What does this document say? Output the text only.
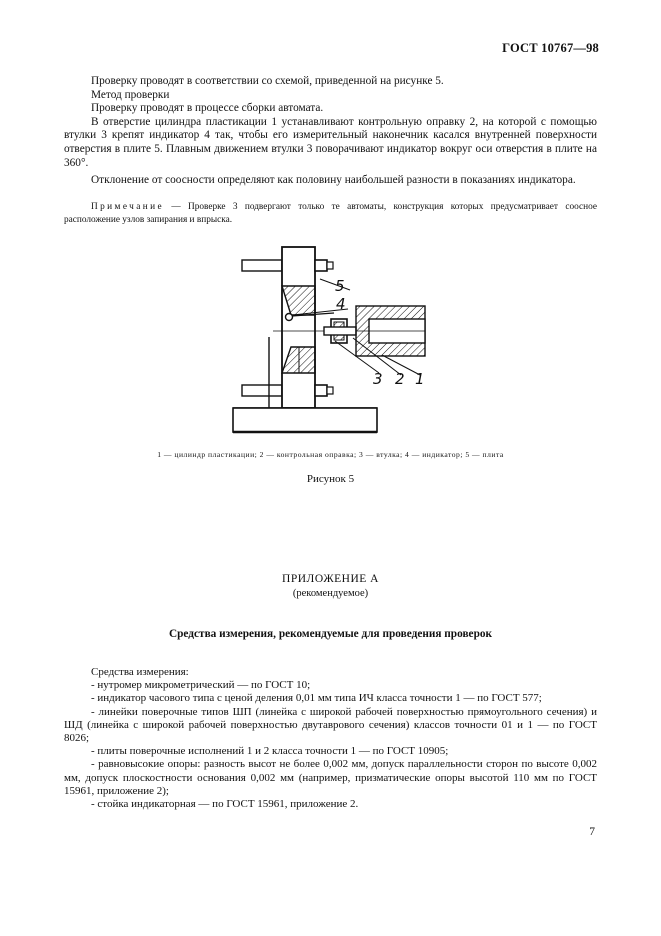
ГОСТ 10767—98

Проверку проводят в соответствии со схемой, приведенной на рисунке 5.

Метод проверки

Проверку проводят в процессе сборки автомата.

В отверстие цилиндра пластикации 1 устанавливают контрольную оправку 2, на которой с помощью втулки 3 крепят индикатор 4 так, чтобы его измерительный наконечник касался внутренней поверхности отверстия в плите 5. Плавным движением втулки 3 поворачивают индикатор вокруг оси отверстия в плите на 360°.

Отклонение от соосности определяют как половину наибольшей разности в показаниях индикатора.

Примечание — Проверке 3 подвергают только те автоматы, конструкция которых предусматривает соосное расположение узлов запирания и впрыска.
5
4
3 2 1
1 — цилиндр пластикации; 2 — контрольная оправка; 3 — втулка; 4 — индикатор; 5 — плита
Рисунок 5
ПРИЛОЖЕНИЕ А
(рекомендуемое)
Средства измерения, рекомендуемые для проведения проверок

Средства измерения:

- нутромер микрометрический — по ГОСТ 10;

- индикатор часового типа с ценой деления 0,01 мм типа ИЧ класса точности 1 — по ГОСТ 577;

- линейки поверочные типов ШП (линейка с широкой рабочей поверхностью прямоугольного сечения) и ШД (линейка с широкой рабочей поверхностью двутаврового сечения) классов точности 01 и 1 — по ГОСТ 8026;

- плиты поверочные исполнений 1 и 2 класса точности 1 — по ГОСТ 10905;

- равновысокие опоры: разность высот не более 0,002 мм, допуск параллельности сторон по высоте 0,002 мм, допуск плоскостности основания 0,002 мм (например, призматические опоры высотой 110 мм по ГОСТ 15961, приложение 2);

- стойка индикаторная — по ГОСТ 15961, приложение 2.

7
